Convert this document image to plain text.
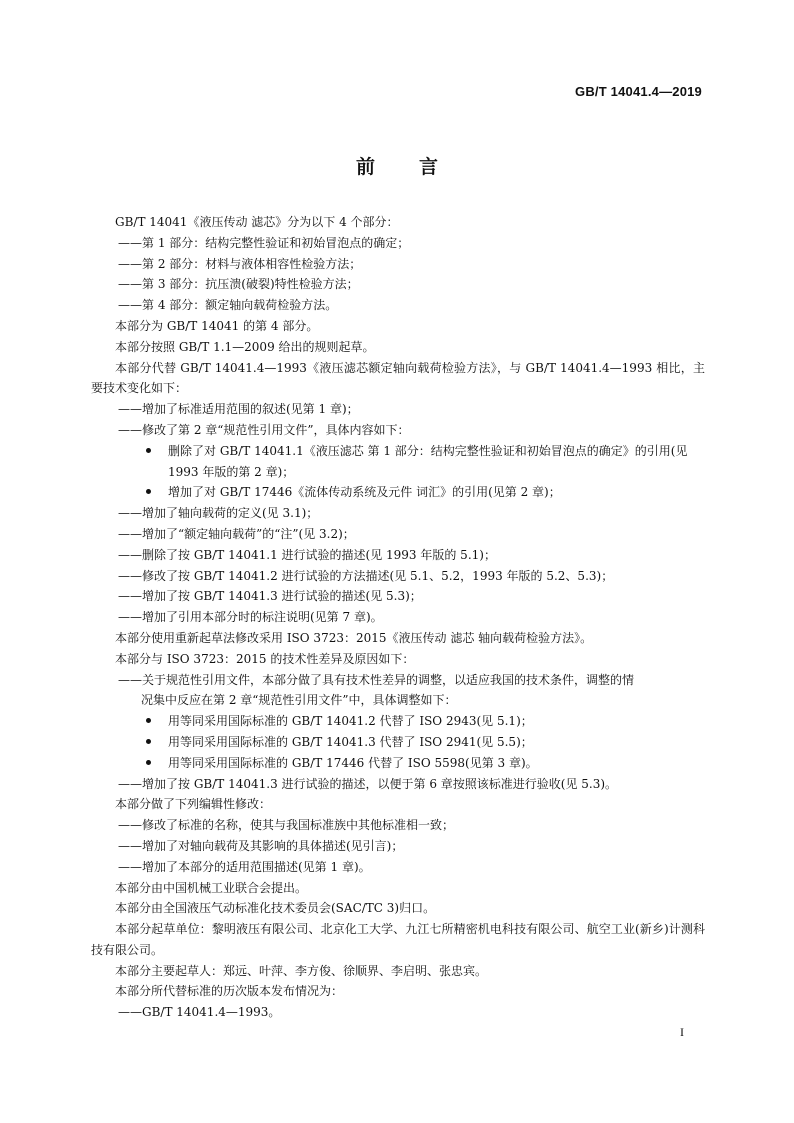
GB/T 14041.4—2019
前言

GB/T 14041《液压传动 滤芯》分为以下 4 个部分：

——第 1 部分：结构完整性验证和初始冒泡点的确定；

——第 2 部分：材料与液体相容性检验方法；

——第 3 部分：抗压溃(破裂)特性检验方法；

——第 4 部分：额定轴向载荷检验方法。

本部分为 GB/T 14041 的第 4 部分。

本部分按照 GB/T 1.1—2009 给出的规则起草。

本部分代替 GB/T 14041.4—1993《液压滤芯额定轴向载荷检验方法》，与 GB/T 14041.4—1993 相比，主要技术变化如下：

——增加了标准适用范围的叙述(见第 1 章)；

——修改了第 2 章“规范性引用文件”，具体内容如下：

删除了对 GB/T 14041.1《液压滤芯 第 1 部分：结构完整性验证和初始冒泡点的确定》的引用(见 1993 年版的第 2 章)；

增加了对 GB/T 17446《流体传动系统及元件 词汇》的引用(见第 2 章)；

——增加了轴向载荷的定义(见 3.1)；

——增加了“额定轴向载荷”的“注”(见 3.2)；

——删除了按 GB/T 14041.1 进行试验的描述(见 1993 年版的 5.1)；

——修改了按 GB/T 14041.2 进行试验的方法描述(见 5.1、5.2，1993 年版的 5.2、5.3)；

——增加了按 GB/T 14041.3 进行试验的描述(见 5.3)；

——增加了引用本部分时的标注说明(见第 7 章)。

本部分使用重新起草法修改采用 ISO 3723：2015《液压传动 滤芯 轴向载荷检验方法》。

本部分与 ISO 3723：2015 的技术性差异及原因如下：

——关于规范性引用文件，本部分做了具有技术性差异的调整，以适应我国的技术条件，调整的情

况集中反应在第 2 章“规范性引用文件”中，具体调整如下：

用等同采用国际标准的 GB/T 14041.2 代替了 ISO 2943(见 5.1)；

用等同采用国际标准的 GB/T 14041.3 代替了 ISO 2941(见 5.5)；

用等同采用国际标准的 GB/T 17446 代替了 ISO 5598(见第 3 章)。

——增加了按 GB/T 14041.3 进行试验的描述，以便于第 6 章按照该标准进行验收(见 5.3)。

本部分做了下列编辑性修改：

——修改了标准的名称，使其与我国标准族中其他标准相一致；

——增加了对轴向载荷及其影响的具体描述(见引言)；

——增加了本部分的适用范围描述(见第 1 章)。

本部分由中国机械工业联合会提出。

本部分由全国液压气动标准化技术委员会(SAC/TC 3)归口。

本部分起草单位：黎明液压有限公司、北京化工大学、九江七所精密机电科技有限公司、航空工业(新乡)计测科技有限公司。

本部分主要起草人：郑远、叶萍、李方俊、徐顺界、李启明、张忠宾。

本部分所代替标准的历次版本发布情况为：

——GB/T 14041.4—1993。

I
